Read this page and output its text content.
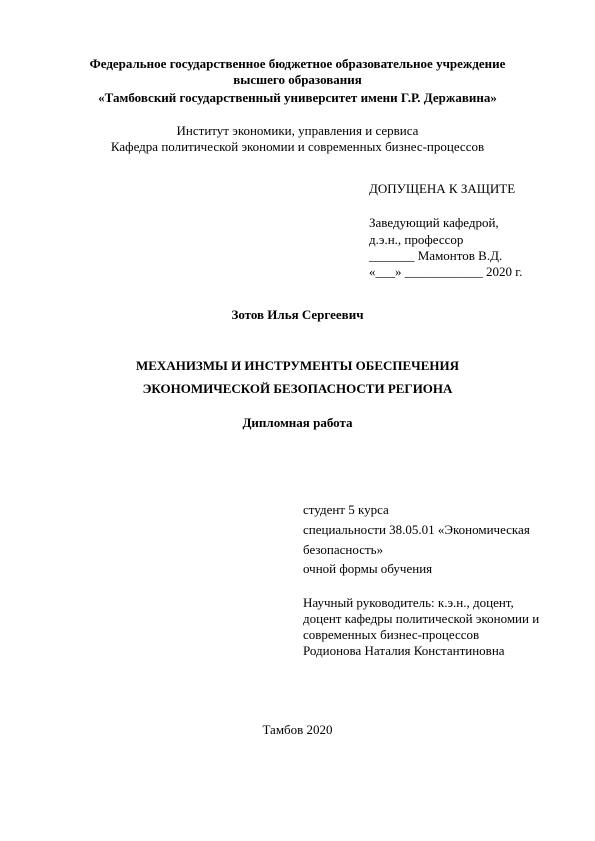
Федеральное государственное бюджетное образовательное учреждение
высшего образования
«Тамбовский государственный университет имени Г.Р. Державина»
Институт экономики, управления и сервиса
Кафедра политической экономии и современных бизнес-процессов
ДОПУЩЕНА К ЗАЩИТЕ
Заведующий кафедрой,
д.э.н., профессор
_______ Мамонтов В.Д.
«___» ____________ 2020 г.
Зотов Илья Сергеевич
МЕХАНИЗМЫ И ИНСТРУМЕНТЫ ОБЕСПЕЧЕНИЯ
ЭКОНОМИЧЕСКОЙ БЕЗОПАСНОСТИ РЕГИОНА
Дипломная работа
студент 5 курса
специальности 38.05.01 «Экономическая
безопасность»
очной формы обучения
Научный руководитель: к.э.н., доцент,
доцент кафедры политической экономии и
современных бизнес-процессов
Родионова Наталия Константиновна
Тамбов 2020
